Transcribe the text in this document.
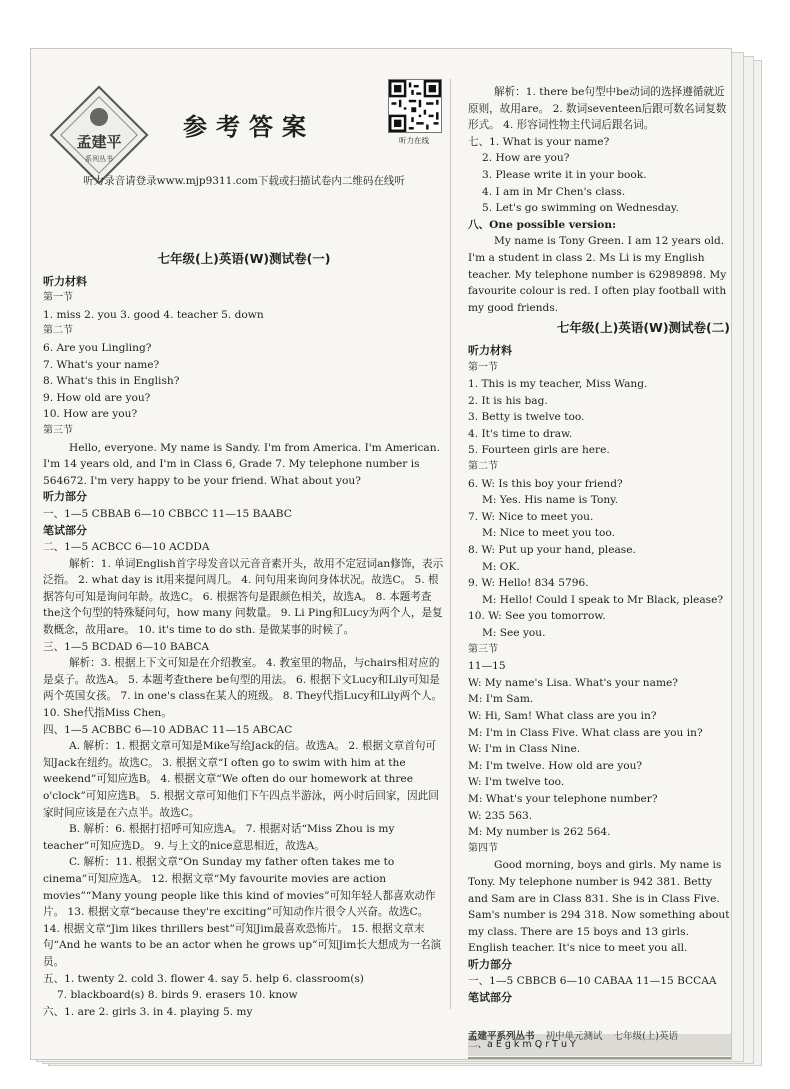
孟建平
系列丛书
参考答案	听力在线
听力录音请登录www.mjp9311.com下载或扫描试卷内二维码在线听
七年级(上)英语(W)测试卷(一)
听力材料
第一节
1. miss 2. you 3. good 4. teacher 5. down
第二节
6. Are you Lingling?
7. What's your name?
8. What's this in English?
9. How old are you?
10. How are you?
第三节
Hello, everyone. My name is Sandy. I'm from America. I'm American. I'm 14 years old, and I'm in Class 6, Grade 7. My telephone number is 564672. I'm very happy to be your friend. What about you?
听力部分
一、1—5 CBBAB 6—10 CBBCC 11—15 BAABC
笔试部分
二、1—5 ACBCC 6—10 ACDDA
解析：1. 单词English首字母发音以元音音素开头，故用不定冠词an修饰，表示泛指。 2. what day is it用来提问周几。 4. 问句用来询问身体状况。故选C。 5. 根据答句可知是询问年龄。故选C。 6. 根据答句是跟颜色相关，故选A。 8. 本题考查the这个句型的特殊疑问句，how many 问数量。 9. Li Ping和Lucy为两个人，是复数概念，故用are。 10. it's time to do sth. 是做某事的时候了。
三、1—5 BCDAD 6—10 BABCA
解析：3. 根据上下文可知是在介绍教室。 4. 教室里的物品，与chairs相对应的是桌子。故选A。 5. 本题考查there be句型的用法。 6. 根据下文Lucy和Lily可知是两个英国女孩。 7. in one's class在某人的班级。 8. They代指Lucy和Lily两个人。 10. She代指Miss Chen。
四、1—5 ACBBC 6—10 ADBAC 11—15 ABCAC
A. 解析：1. 根据文章可知是Mike写给Jack的信。故选A。 2. 根据文章首句可知Jack在纽约。故选C。 3. 根据文章“I often go to swim with him at the weekend”可知应选B。 4. 根据文章“We often do our homework at three o'clock”可知应选B。 5. 根据文章可知他们下午四点半游泳，两小时后回家，因此回家时间应该是在六点半。故选C。
B. 解析：6. 根据打招呼可知应选A。 7. 根据对话“Miss Zhou is my teacher”可知应选D。 9. 与上文的nice意思相近，故选A。
C. 解析：11. 根据文章“On Sunday my father often takes me to cinema”可知应选A。 12. 根据文章“My favourite movies are action movies”“Many young people like this kind of movies”可知年轻人都喜欢动作片。 13. 根据文章“because they're exciting”可知动作片很令人兴奋。故选C。 14. 根据文章“Jim likes thrillers best”可知Jim最喜欢恐怖片。 15. 根据文章末句“And he wants to be an actor when he grows up”可知Jim长大想成为一名演员。
五、1. twenty 2. cold 3. flower 4. say 5. help 6. classroom(s)
7. blackboard(s) 8. birds 9. erasers 10. know
六、1. are 2. girls 3. in 4. playing 5. my
解析：1. there be句型中be动词的选择遵循就近原则，故用are。 2. 数词seventeen后跟可数名词复数形式。 4. 形容词性物主代词后跟名词。
七、1. What is your name?
2. How are you?
3. Please write it in your book.
4. I am in Mr Chen's class.
5. Let's go swimming on Wednesday.
八、One possible version:
My name is Tony Green. I am 12 years old. I'm a student in class 2. Ms Li is my English teacher. My telephone number is 62989898. My favourite colour is red. I often play football with my good friends.
七年级(上)英语(W)测试卷(二)
听力材料
第一节
1. This is my teacher, Miss Wang.
2. It is his bag.
3. Betty is twelve too.
4. It's time to draw.
5. Fourteen girls are here.
第二节
6. W: Is this boy your friend?
M: Yes. His name is Tony.
7. W: Nice to meet you.
M: Nice to meet you too.
8. W: Put up your hand, please.
M: OK.
9. W: Hello! 834 5796.
M: Hello! Could I speak to Mr Black, please?
10. W: See you tomorrow.
M: See you.
第三节
11—15
W: My name's Lisa. What's your name?
M: I'm Sam.
W: Hi, Sam! What class are you in?
M: I'm in Class Five. What class are you in?
W: I'm in Class Nine.
M: I'm twelve. How old are you?
W: I'm twelve too.
M: What's your telephone number?
W: 235 563.
M: My number is 262 564.
第四节
Good morning, boys and girls. My name is Tony. My telephone number is 942 381. Betty and Sam are in Class 831. She is in Class Five. Sam's number is 294 318. Now something about my class. There are 15 boys and 13 girls. English teacher. It's nice to meet you all.
听力部分
一、1—5 CBBCB 6—10 CABAA 11—15 BCCAA
笔试部分
二、a E g k m Q r T u Y
孟建平系列丛书 初中单元测试 七年级(上)英语
